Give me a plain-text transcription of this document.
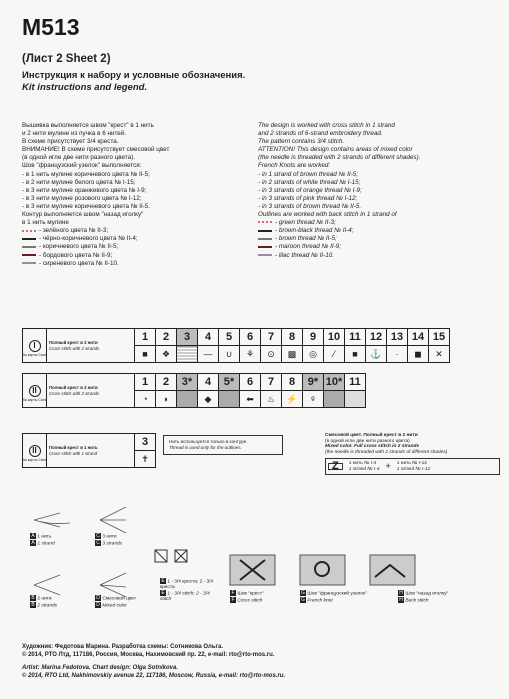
M513
(Лист 2 Sheet 2)
Инструкция к набору и условные обозначения.
Kit instructions and legend.
Вышивка выполняется швом "крест" в 1 нить
и 2 нити мулине из пучка в 6 нитей.
В схеме присутствует 3/4 креста.
ВНИМАНИЕ! В схеме присутствует смесовой цвет
(в одной игле две нити разного цвета).
Шов "французский узелок" выполняется:
- в 1 нить мулине коричневого цвета № II-5;
- в 2 нити мулине белого цвета № I-15;
- в 3 нити мулине оранжевого цвета № I-9;
- в 3 нити мулине розового цвета № I-12;
- в 3 нити мулине коричневого цвета № II-5.
Контур выполняется швом "назад иголку"
в 1 нить мулине
- зелёного цвета № II-3;
- чёрно-коричневого цвета № II-4;
- коричневого цвета № II-5;
- бордового цвета № II-9;
- сиреневого цвета № II-10.
The design is worked with cross stitch in 1 strand
and 2 strands of 6-strand embroidery thread.
The pattern contains 3/4 stitch.
ATTENTION! This design contains areas of mixed color
(the needle is threaded with 2 strands of different shades).
French Knots are worked:
- in 1 strand of brown thread № II-5;
- in 2 strands of white thread № I-15;
- in 3 strands of orange thread № I-9;
- in 3 strands of pink thread № I-12;
- in 3 strands of brown thread № II-5.
Outlines are worked with back stitch in 1 strand of
- green thread № II-3;
- brown-black thread № II-4;
- brown thread № II-5;
- maroon thread № II-9;
- lilac thread № II-10.
I
№ карты Card	Полный крест в 2 нити
Cross stitch with 2 strands	1	2	3	4	5	6	7	8	9	10	11	12	13	14	15
		■	❖		—	∪	⚘	⊙	▩	◎	⁄	■	⚓	·	◼	✕
II
№ карты Card	Полный крест в 2 нити
Cross stitch with 2 strands	1	2	3*	4	5*	6	7	8	9*	10*	11
		◔	◗		◆		⬅	♨	⚡	ᵍ		
II
№ карты Card
	Полный крест в 1 нить
Cross stitch with 1 strand	3
✝
Нить используется только в контуре.
Thread is used only for the outlines.
Смесовой цвет. Полный крест в 2 нити
(в одной игле две нити разного цвета)
Mixed color. Full cross stitch in 2 strands
(the needle is threaded with 2 strands of different shades)
Z	1 нить № I-4
1 strand № I-4 + 1 нить № I-12
1 strand № I-12
A 1 нить
A 1 strand
C 3 нити
C 3 strands
B 2 нити
B 2 strands
D Смесовой цвет
D Mixed color
E 1 - 3/4 креста; 2 - 3/4 креста
E 1 - 3/4 stitch; 2 - 3/4 stitch
F Шов "крест"
F Cross stitch
G Шов "французский узелок"
G French knot
H Шов "назад иголку"
H Back stitch
Художник: Федотова Марина. Разработка схемы: Сотникова Ольга.
© 2014, РТО Лтд, 117186, Россия, Москва, Нахимовский пр. 22, e-mail: rto@rto-mos.ru.
Artist: Marina Fedotova. Chart design: Olga Sotnikova.
© 2014, RTO Ltd, Nakhimovskiy avenue 22, 117186, Moscow, Russia, e-mail: rto@rto-mos.ru.
